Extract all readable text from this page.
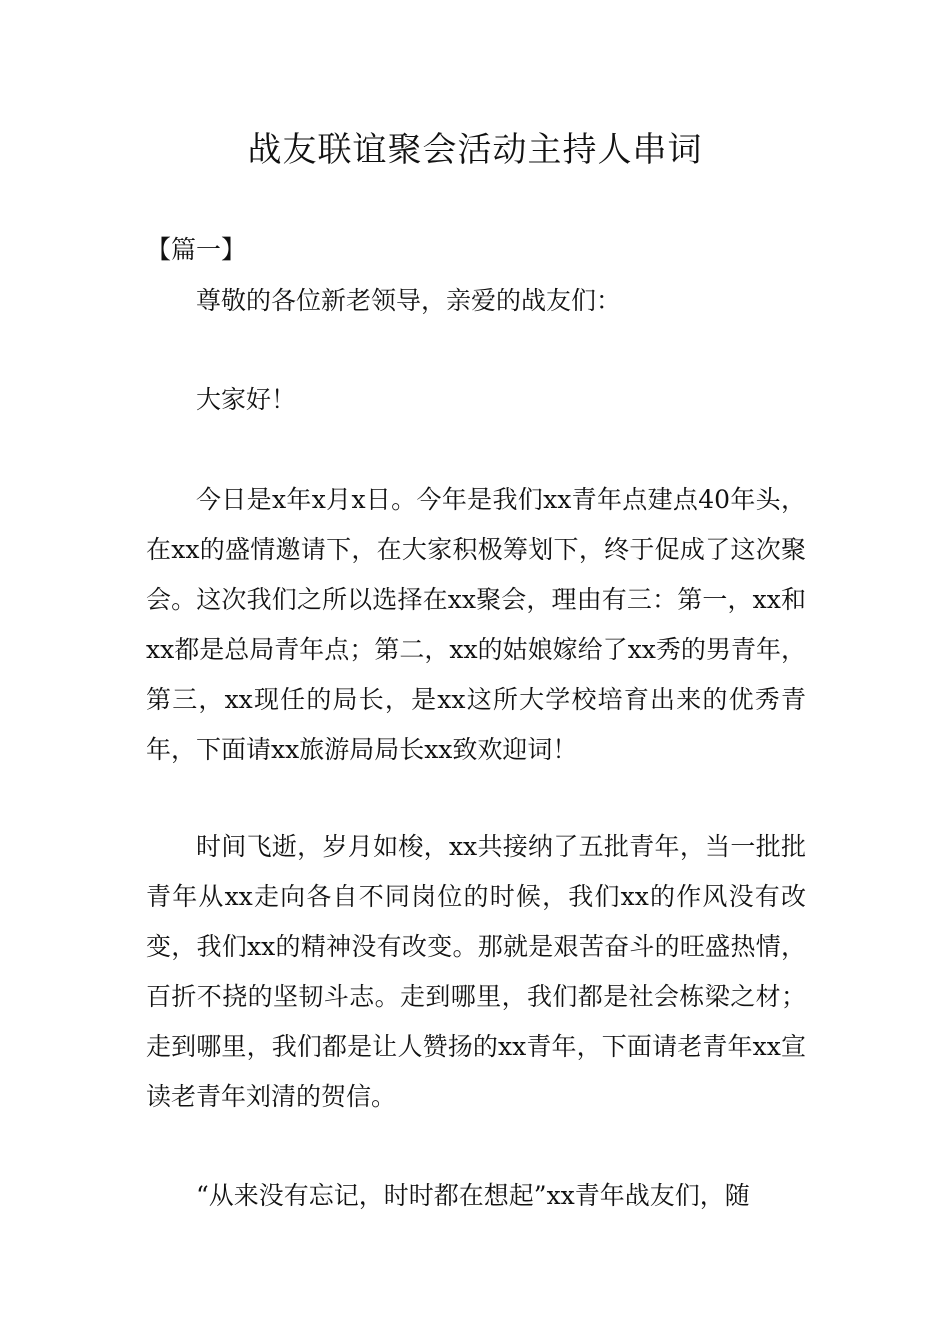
战友联谊聚会活动主持人串词
【篇一】

尊敬的各位新老领导，亲爱的战友们：

大家好！

今日是x年x月x日。今年是我们xx青年点建点40年头，在xx的盛情邀请下，在大家积极筹划下，终于促成了这次聚会。这次我们之所以选择在xx聚会，理由有三：第一，xx和xx都是总局青年点；第二，xx的姑娘嫁给了xx秀的男青年，第三，xx现任的局长，是xx这所大学校培育出来的优秀青年，下面请xx旅游局局长xx致欢迎词！

时间飞逝，岁月如梭，xx共接纳了五批青年，当一批批青年从xx走向各自不同岗位的时候，我们xx的作风没有改变，我们xx的精神没有改变。那就是艰苦奋斗的旺盛热情，百折不挠的坚韧斗志。走到哪里，我们都是社会栋梁之材；走到哪里，我们都是让人赞扬的xx青年，下面请老青年xx宣读老青年刘清的贺信。

“从来没有忘记，时时都在想起”xx青年战友们，随
